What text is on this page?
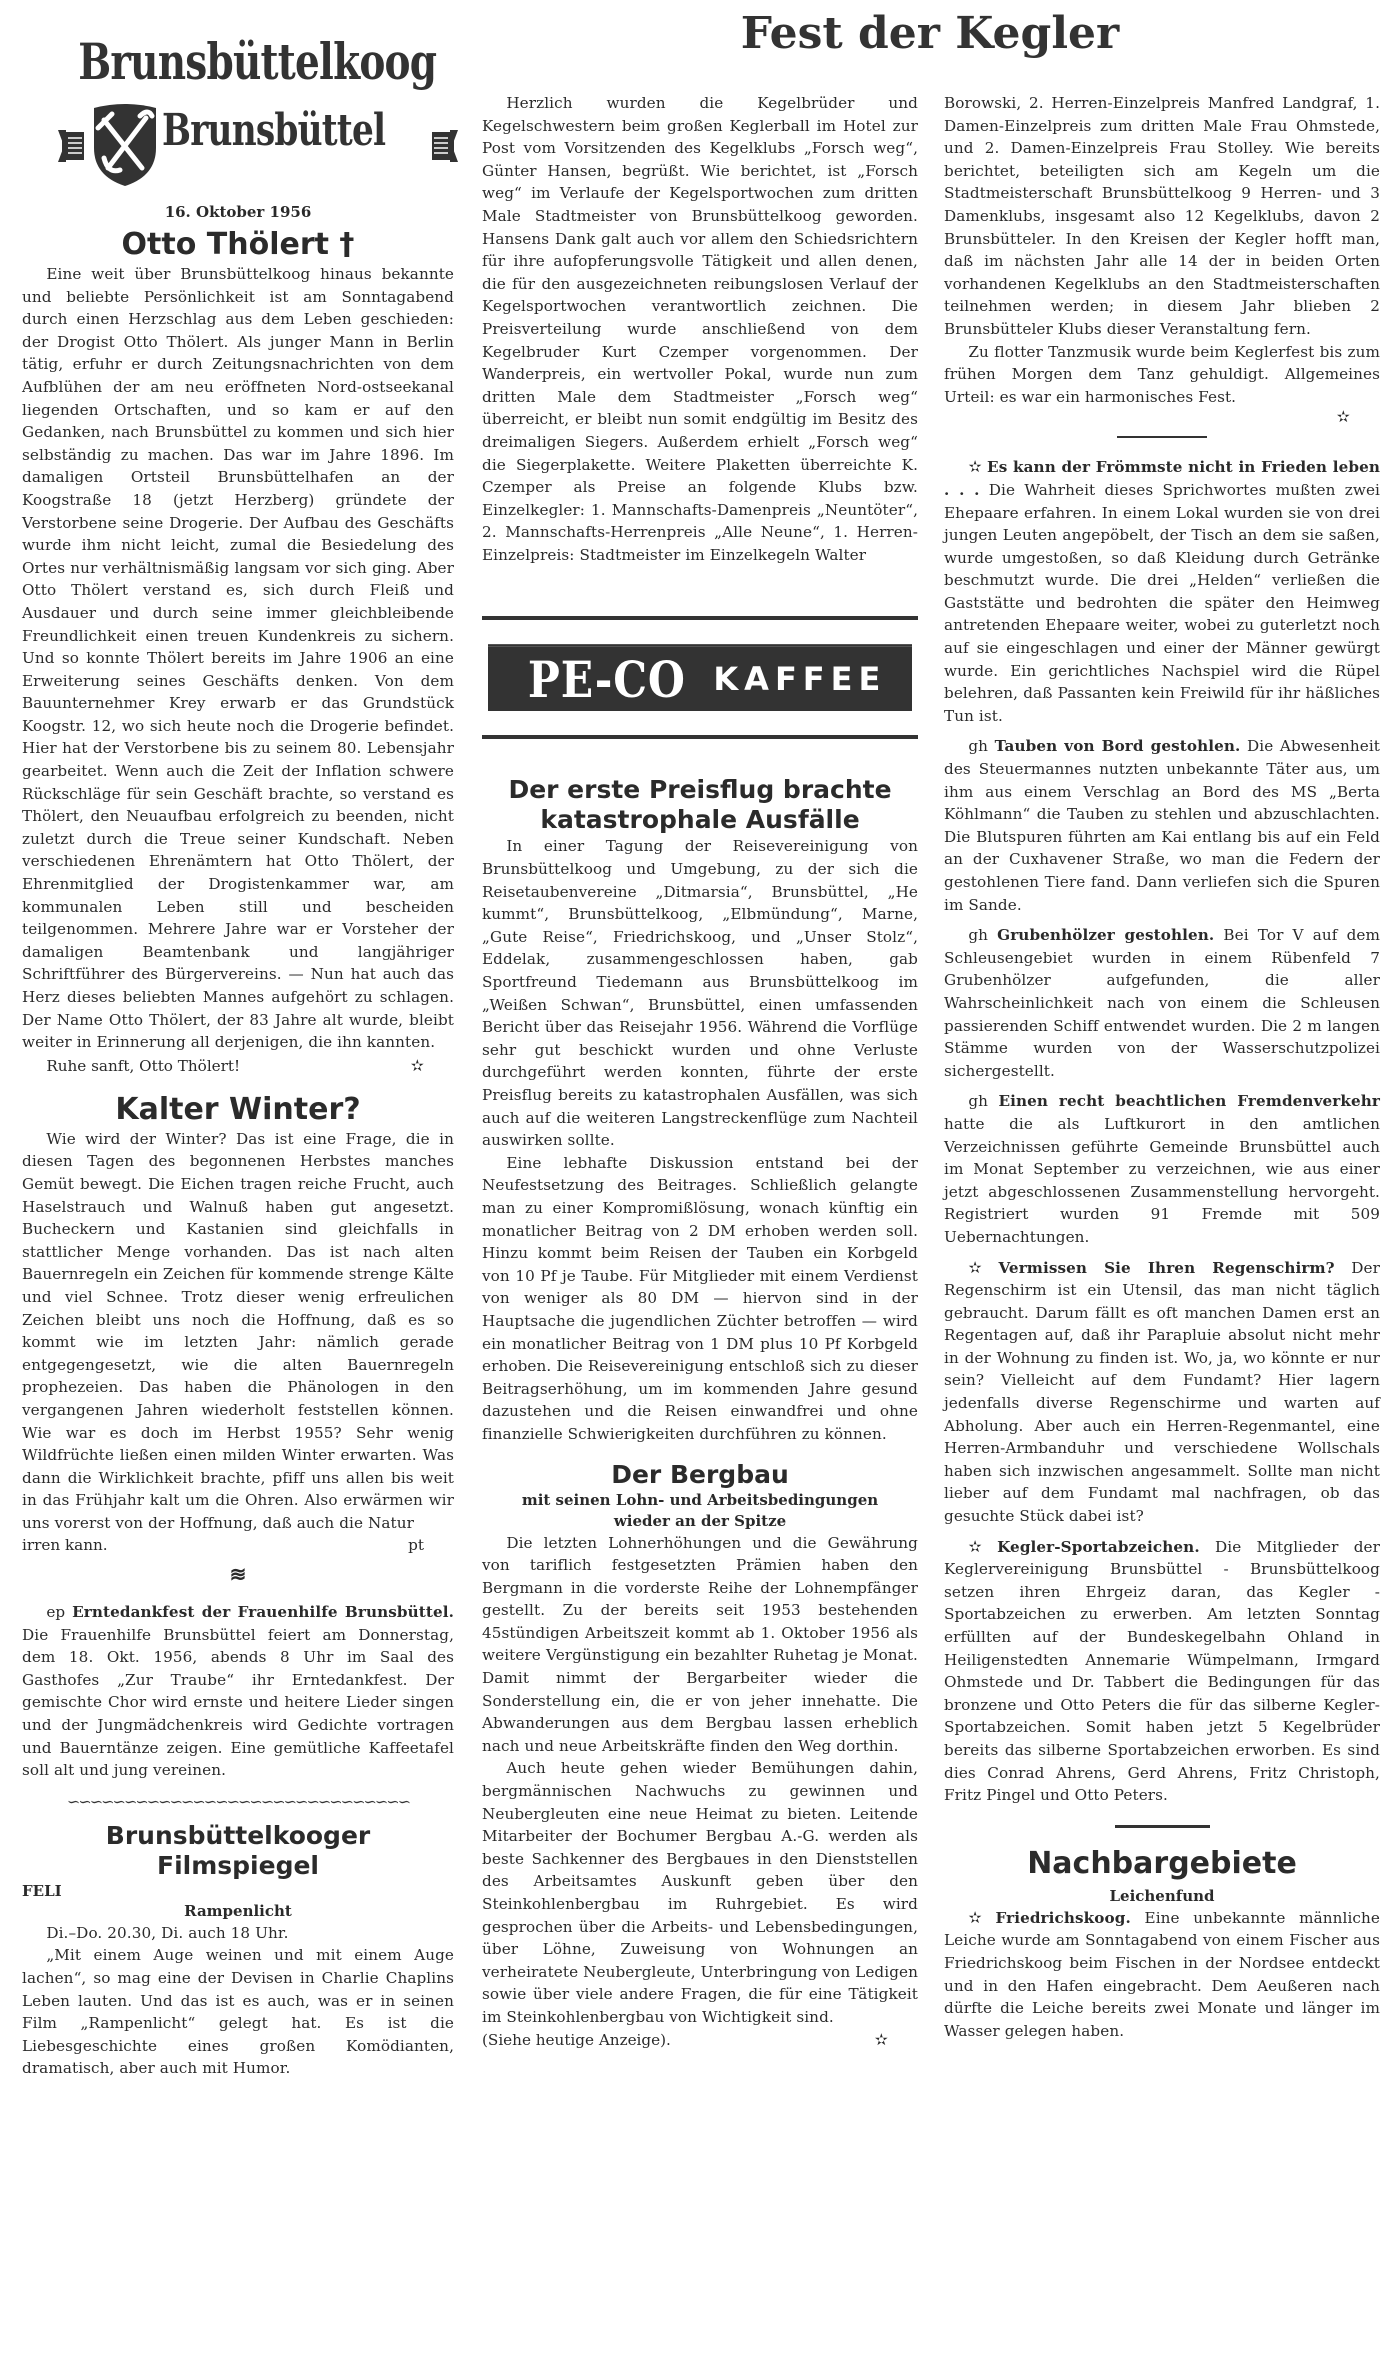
Fest der Kegler
Brunsbüttelkoog
Brunsbüttel
16. Oktober 1956
Otto Thölert †

Eine weit über Brunsbüttelkoog hinaus bekannte und beliebte Persönlichkeit ist am Sonntagabend durch einen Herzschlag aus dem Leben geschieden: der Drogist Otto Thölert. Als junger Mann in Berlin tätig, erfuhr er durch Zeitungsnachrichten von dem Aufblühen der am neu eröffneten Nord-ostseekanal liegenden Ortschaften, und so kam er auf den Gedanken, nach Brunsbüttel zu kommen und sich hier selbständig zu machen. Das war im Jahre 1896. Im damaligen Ortsteil Brunsbüttelhafen an der Koogstraße 18 (jetzt Herzberg) gründete der Verstorbene seine Drogerie. Der Aufbau des Geschäfts wurde ihm nicht leicht, zumal die Besiedelung des Ortes nur verhältnismäßig langsam vor sich ging. Aber Otto Thölert verstand es, sich durch Fleiß und Ausdauer und durch seine immer gleichbleibende Freundlichkeit einen treuen Kundenkreis zu sichern. Und so konnte Thölert bereits im Jahre 1906 an eine Erweiterung seines Geschäfts denken. Von dem Bauunternehmer Krey erwarb er das Grundstück Koogstr. 12, wo sich heute noch die Drogerie befindet. Hier hat der Verstorbene bis zu seinem 80. Lebensjahr gearbeitet. Wenn auch die Zeit der Inflation schwere Rückschläge für sein Geschäft brachte, so verstand es Thölert, den Neuaufbau erfolgreich zu beenden, nicht zuletzt durch die Treue seiner Kundschaft. Neben verschiedenen Ehrenämtern hat Otto Thölert, der Ehrenmitglied der Drogistenkammer war, am kommunalen Leben still und bescheiden teilgenommen. Mehrere Jahre war er Vorsteher der damaligen Beamtenbank und langjähriger Schriftführer des Bürgervereins. — Nun hat auch das Herz dieses beliebten Mannes aufgehört zu schlagen. Der Name Otto Thölert, der 83 Jahre alt wurde, bleibt weiter in Erinnerung all derjenigen, die ihn kannten.

Ruhe sanft, Otto Thölert!	✫
Kalter Winter?

Wie wird der Winter? Das ist eine Frage, die in diesen Tagen des begonnenen Herbstes manches Gemüt bewegt. Die Eichen tragen reiche Frucht, auch Haselstrauch und Walnuß haben gut angesetzt. Bucheckern und Kastanien sind gleichfalls in stattlicher Menge vorhanden. Das ist nach alten Bauernregeln ein Zeichen für kommende strenge Kälte und viel Schnee. Trotz dieser wenig erfreulichen Zeichen bleibt uns noch die Hoffnung, daß es so kommt wie im letzten Jahr: nämlich gerade entgegengesetzt, wie die alten Bauernregeln prophezeien. Das haben die Phänologen in den vergangenen Jahren wiederholt feststellen können. Wie war es doch im Herbst 1955? Sehr wenig Wildfrüchte ließen einen milden Winter erwarten. Was dann die Wirklichkeit brachte, pfiff uns allen bis weit in das Frühjahr kalt um die Ohren. Also erwärmen wir uns vorerst von der Hoffnung, daß auch die Natur

irren kann.	pt
≋

ep Erntedankfest der Frauenhilfe Brunsbüttel. Die Frauenhilfe Brunsbüttel feiert am Donnerstag, dem 18. Okt. 1956, abends 8 Uhr im Saal des Gasthofes „Zur Traube“ ihr Erntedankfest. Der gemischte Chor wird ernste und heitere Lieder singen und der Jungmädchenkreis wird Gedichte vortragen und Bauerntänze zeigen. Eine gemütliche Kaffeetafel soll alt und jung vereinen.

∽∽∽∽∽∽∽∽∽∽∽∽∽∽∽∽∽∽∽∽∽∽∽∽∽∽∽∽∽∽
Brunsbüttelkooger Filmspiegel
FELI
Rampenlicht

Di.–Do. 20.30, Di. auch 18 Uhr.

„Mit einem Auge weinen und mit einem Auge lachen“, so mag eine der Devisen in Charlie Chaplins Leben lauten. Und das ist es auch, was er in seinen Film „Rampenlicht“ gelegt hat. Es ist die Liebesgeschichte eines großen Komödianten, dramatisch, aber auch mit Humor.

Herzlich wurden die Kegelbrüder und Kegelschwestern beim großen Keglerball im Hotel zur Post vom Vorsitzenden des Kegelklubs „Forsch weg“, Günter Hansen, begrüßt. Wie berichtet, ist „Forsch weg“ im Verlaufe der Kegelsportwochen zum dritten Male Stadtmeister von Brunsbüttelkoog geworden. Hansens Dank galt auch vor allem den Schiedsrichtern für ihre aufopferungsvolle Tätigkeit und allen denen, die für den ausgezeichneten reibungslosen Verlauf der Kegelsportwochen verantwortlich zeichnen. Die Preisverteilung wurde anschließend von dem Kegelbruder Kurt Czemper vorgenommen. Der Wanderpreis, ein wertvoller Pokal, wurde nun zum dritten Male dem Stadtmeister „Forsch weg“ überreicht, er bleibt nun somit endgültig im Besitz des dreimaligen Siegers. Außerdem erhielt „Forsch weg“ die Siegerplakette. Weitere Plaketten überreichte K. Czemper als Preise an folgende Klubs bzw. Einzelkegler: 1. Mannschafts-Damenpreis „Neuntöter“, 2. Mannschafts-Herrenpreis „Alle Neune“, 1. Herren-Einzelpreis: Stadtmeister im Einzelkegeln Walter

PE-CO KAFFEE
Der erste Preisflug brachte
katastrophale Ausfälle

In einer Tagung der Reisevereinigung von Brunsbüttelkoog und Umgebung, zu der sich die Reisetaubenvereine „Ditmarsia“, Brunsbüttel, „He kummt“, Brunsbüttelkoog, „Elbmündung“, Marne, „Gute Reise“, Friedrichskoog, und „Unser Stolz“, Eddelak, zusammengeschlossen haben, gab Sportfreund Tiedemann aus Brunsbüttelkoog im „Weißen Schwan“, Brunsbüttel, einen umfassenden Bericht über das Reisejahr 1956. Während die Vorflüge sehr gut beschickt wurden und ohne Verluste durchgeführt werden konnten, führte der erste Preisflug bereits zu katastrophalen Ausfällen, was sich auch auf die weiteren Langstreckenflüge zum Nachteil auswirken sollte.

Eine lebhafte Diskussion entstand bei der Neufestsetzung des Beitrages. Schließlich gelangte man zu einer Kompromißlösung, wonach künftig ein monatlicher Beitrag von 2 DM erhoben werden soll. Hinzu kommt beim Reisen der Tauben ein Korbgeld von 10 Pf je Taube. Für Mitglieder mit einem Verdienst von weniger als 80 DM — hiervon sind in der Hauptsache die jugendlichen Züchter betroffen — wird ein monatlicher Beitrag von 1 DM plus 10 Pf Korbgeld erhoben. Die Reisevereinigung entschloß sich zu dieser Beitragserhöhung, um im kommenden Jahre gesund dazustehen und die Reisen einwandfrei und ohne finanzielle Schwierigkeiten durchführen zu können.

Der Bergbau
mit seinen Lohn- und Arbeitsbedingungen
wieder an der Spitze

Die letzten Lohnerhöhungen und die Gewährung von tariflich festgesetzten Prämien haben den Bergmann in die vorderste Reihe der Lohnempfänger gestellt. Zu der bereits seit 1953 bestehenden 45stündigen Arbeitszeit kommt ab 1. Oktober 1956 als weitere Vergünstigung ein bezahlter Ruhetag je Monat. Damit nimmt der Bergarbeiter wieder die Sonderstellung ein, die er von jeher innehatte. Die Abwanderungen aus dem Bergbau lassen erheblich nach und neue Arbeitskräfte finden den Weg dorthin.

Auch heute gehen wieder Bemühungen dahin, bergmännischen Nachwuchs zu gewinnen und Neubergleuten eine neue Heimat zu bieten. Leitende Mitarbeiter der Bochumer Bergbau A.-G. werden als beste Sachkenner des Bergbaues in den Dienststellen des Arbeitsamtes Auskunft geben über den Steinkohlenbergbau im Ruhrgebiet. Es wird gesprochen über die Arbeits- und Lebensbedingungen, über Löhne, Zuweisung von Wohnungen an verheiratete Neubergleute, Unterbringung von Ledigen sowie über viele andere Fragen, die für eine Tätigkeit im Steinkohlenbergbau von Wichtigkeit sind.

(Siehe heutige Anzeige).	✫

Borowski, 2. Herren-Einzelpreis Manfred Landgraf, 1. Damen-Einzelpreis zum dritten Male Frau Ohmstede, und 2. Damen-Einzelpreis Frau Stolley. Wie bereits berichtet, beteiligten sich am Kegeln um die Stadtmeisterschaft Brunsbüttelkoog 9 Herren- und 3 Damenklubs, insgesamt also 12 Kegelklubs, davon 2 Brunsbütteler. In den Kreisen der Kegler hofft man, daß im nächsten Jahr alle 14 der in beiden Orten vorhandenen Kegelklubs an den Stadtmeisterschaften teilnehmen werden; in diesem Jahr blieben 2 Brunsbütteler Klubs dieser Veranstaltung fern.

Zu flotter Tanzmusik wurde beim Keglerfest bis zum frühen Morgen dem Tanz gehuldigt. Allgemeines Urteil: es war ein harmonisches Fest.

✫

✫ Es kann der Frömmste nicht in Frieden leben . . . Die Wahrheit dieses Sprichwortes mußten zwei Ehepaare erfahren. In einem Lokal wurden sie von drei jungen Leuten angepöbelt, der Tisch an dem sie saßen, wurde umgestoßen, so daß Kleidung durch Getränke beschmutzt wurde. Die drei „Helden“ verließen die Gaststätte und bedrohten die später den Heimweg antretenden Ehepaare weiter, wobei zu guterletzt noch auf sie eingeschlagen und einer der Männer gewürgt wurde. Ein gerichtliches Nachspiel wird die Rüpel belehren, daß Passanten kein Freiwild für ihr häßliches Tun ist.

gh Tauben von Bord gestohlen. Die Abwesenheit des Steuermannes nutzten unbekannte Täter aus, um ihm aus einem Verschlag an Bord des MS „Berta Köhlmann“ die Tauben zu stehlen und abzuschlachten. Die Blutspuren führten am Kai entlang bis auf ein Feld an der Cuxhavener Straße, wo man die Federn der gestohlenen Tiere fand. Dann verliefen sich die Spuren im Sande.

gh Grubenhölzer gestohlen. Bei Tor V auf dem Schleusengebiet wurden in einem Rübenfeld 7 Grubenhölzer aufgefunden, die aller Wahrscheinlichkeit nach von einem die Schleusen passierenden Schiff entwendet wurden. Die 2 m langen Stämme wurden von der Wasserschutzpolizei sichergestellt.

gh Einen recht beachtlichen Fremdenverkehr hatte die als Luftkurort in den amtlichen Verzeichnissen geführte Gemeinde Brunsbüttel auch im Monat September zu verzeichnen, wie aus einer jetzt abgeschlossenen Zusammenstellung hervorgeht. Registriert wurden 91 Fremde mit 509 Uebernachtungen.

✫ Vermissen Sie Ihren Regenschirm? Der Regenschirm ist ein Utensil, das man nicht täglich gebraucht. Darum fällt es oft manchen Damen erst an Regentagen auf, daß ihr Parapluie absolut nicht mehr in der Wohnung zu finden ist. Wo, ja, wo könnte er nur sein? Vielleicht auf dem Fundamt? Hier lagern jedenfalls diverse Regenschirme und warten auf Abholung. Aber auch ein Herren-Regenmantel, eine Herren-Armbanduhr und verschiedene Wollschals haben sich inzwischen angesammelt. Sollte man nicht lieber auf dem Fundamt mal nachfragen, ob das gesuchte Stück dabei ist?

✫ Kegler-Sportabzeichen. Die Mitglieder der Keglervereinigung Brunsbüttel - Brunsbüttelkoog setzen ihren Ehrgeiz daran, das Kegler - Sportabzeichen zu erwerben. Am letzten Sonntag erfüllten auf der Bundeskegelbahn Ohland in Heiligenstedten Annemarie Wümpelmann, Irmgard Ohmstede und Dr. Tabbert die Bedingungen für das bronzene und Otto Peters die für das silberne Kegler-Sportabzeichen. Somit haben jetzt 5 Kegelbrüder bereits das silberne Sportabzeichen erworben. Es sind dies Conrad Ahrens, Gerd Ahrens, Fritz Christoph, Fritz Pingel und Otto Peters.

Nachbargebiete
Leichenfund

✫ Friedrichskoog. Eine unbekannte männliche Leiche wurde am Sonntagabend von einem Fischer aus Friedrichskoog beim Fischen in der Nordsee entdeckt und in den Hafen eingebracht. Dem Aeußeren nach dürfte die Leiche bereits zwei Monate und länger im Wasser gelegen haben.
